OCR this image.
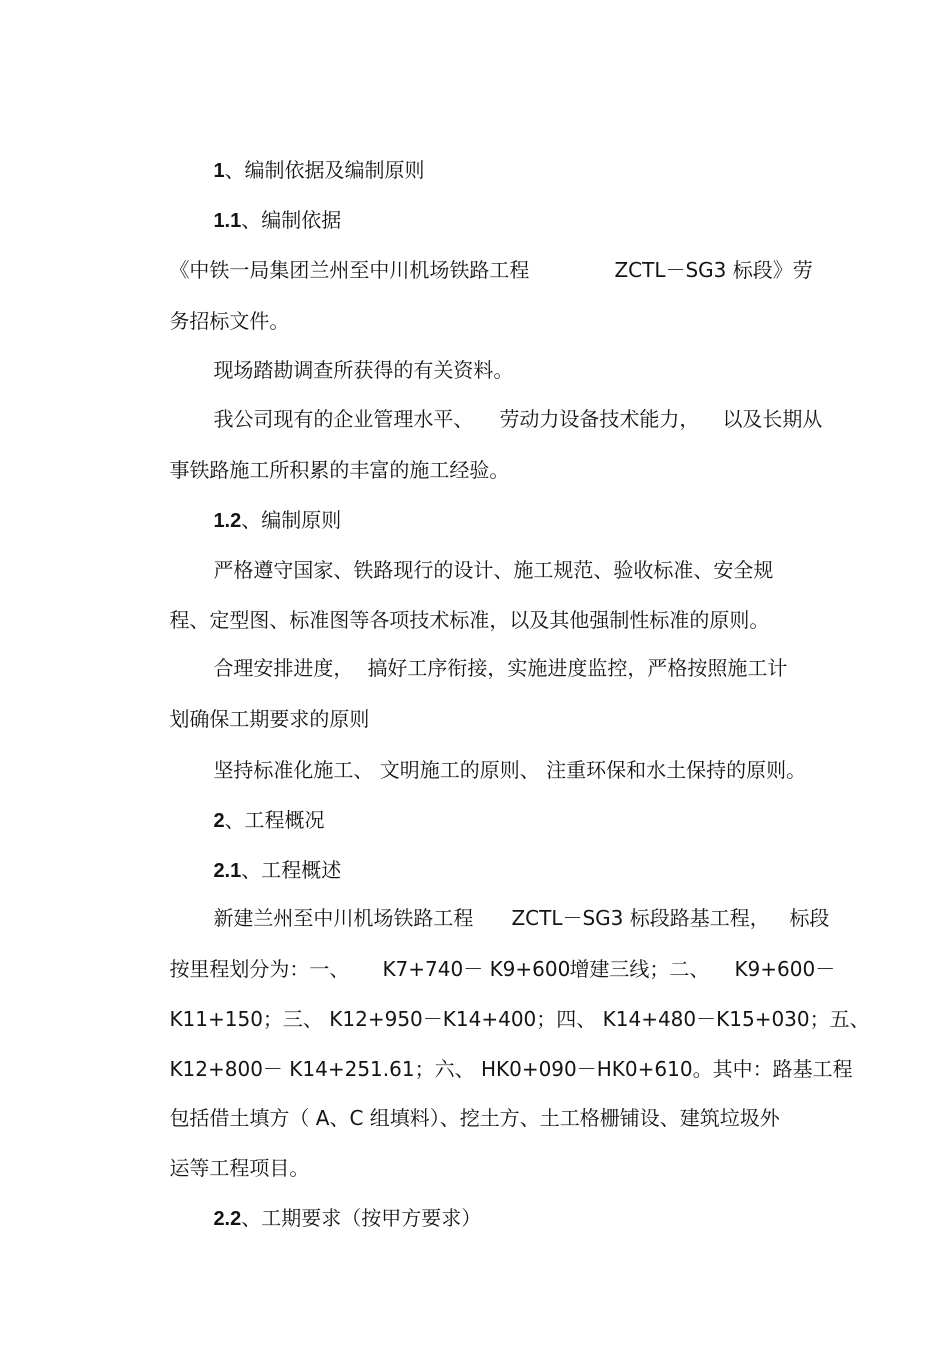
1、编制依据及编制原则

1.1、编制依据

《中铁一局集团兰州至中川机场铁路工程
	ZCTL－SG3 标段》劳

务招标文件。

现场踏勘调查所获得的有关资料。

我公司现有的企业管理水平、
	劳动力设备技术能力，
	以及长期从

事铁路施工所积累的丰富的施工经验。

1.2、编制原则

严格遵守国家、铁路现行的设计、施工规范、验收标准、安全规

程、定型图、标准图等各项技术标准，以及其他强制性标准的原则。

合理安排进度，
搞好工序衔接，实施进度监控，严格按照施工计

划确保工期要求的原则

坚持标准化施工、 文明施工的原则、 注重环保和水土保持的原则。

2、工程概况

2.1、工程概述

新建兰州至中川机场铁路工程
	ZCTL－SG3 标段路基工程，
标段

按里程划分为：一、
	K7+740－ K9+600
增建三线；二、
	K9+600－

K11+150；三、 K12+950－K14+400；四、 K14+480－K15+030；五、

K12+800－ K14+251.61；六、 HK0+090－HK0+610。其中：路基工程

包括借土填方（ A、C 组填料）、挖土方、土工格栅铺设、建筑垃圾外

运等工程项目。

2.2、工期要求（按甲方要求）
